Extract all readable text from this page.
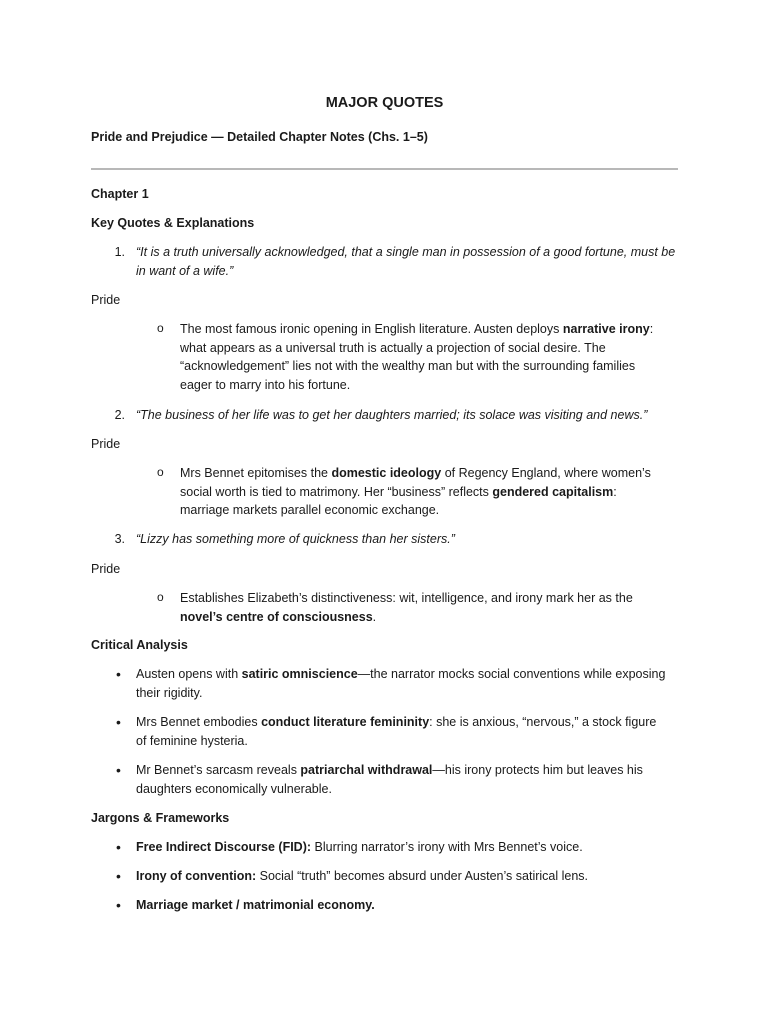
MAJOR QUOTES

Pride and Prejudice — Detailed Chapter Notes (Chs. 1–5)

Chapter 1

Key Quotes & Explanations

1. “It is a truth universally acknowledged, that a single man in possession of a good fortune, must be in want of a wife.”

Pride

o The most famous ironic opening in English literature. Austen deploys narrative irony: what appears as a universal truth is actually a projection of social desire. The “acknowledgement” lies not with the wealthy man but with the surrounding families eager to marry into his fortune.
2. “The business of her life was to get her daughters married; its solace was visiting and news.”

Pride

o Mrs Bennet epitomises the domestic ideology of Regency England, where women’s social worth is tied to matrimony. Her “business” reflects gendered capitalism: marriage markets parallel economic exchange.
3. “Lizzy has something more of quickness than her sisters.”

Pride

o Establishes Elizabeth’s distinctiveness: wit, intelligence, and irony mark her as the novel’s centre of consciousness.

Critical Analysis

• Austen opens with satiric omniscience—the narrator mocks social conventions while exposing their rigidity.
• Mrs Bennet embodies conduct literature femininity: she is anxious, “nervous,” a stock figure of feminine hysteria.
• Mr Bennet’s sarcasm reveals patriarchal withdrawal—his irony protects him but leaves his daughters economically vulnerable.

Jargons & Frameworks

• Free Indirect Discourse (FID): Blurring narrator’s irony with Mrs Bennet’s voice.
• Irony of convention: Social “truth” becomes absurd under Austen’s satirical lens.
• Marriage market / matrimonial economy.
